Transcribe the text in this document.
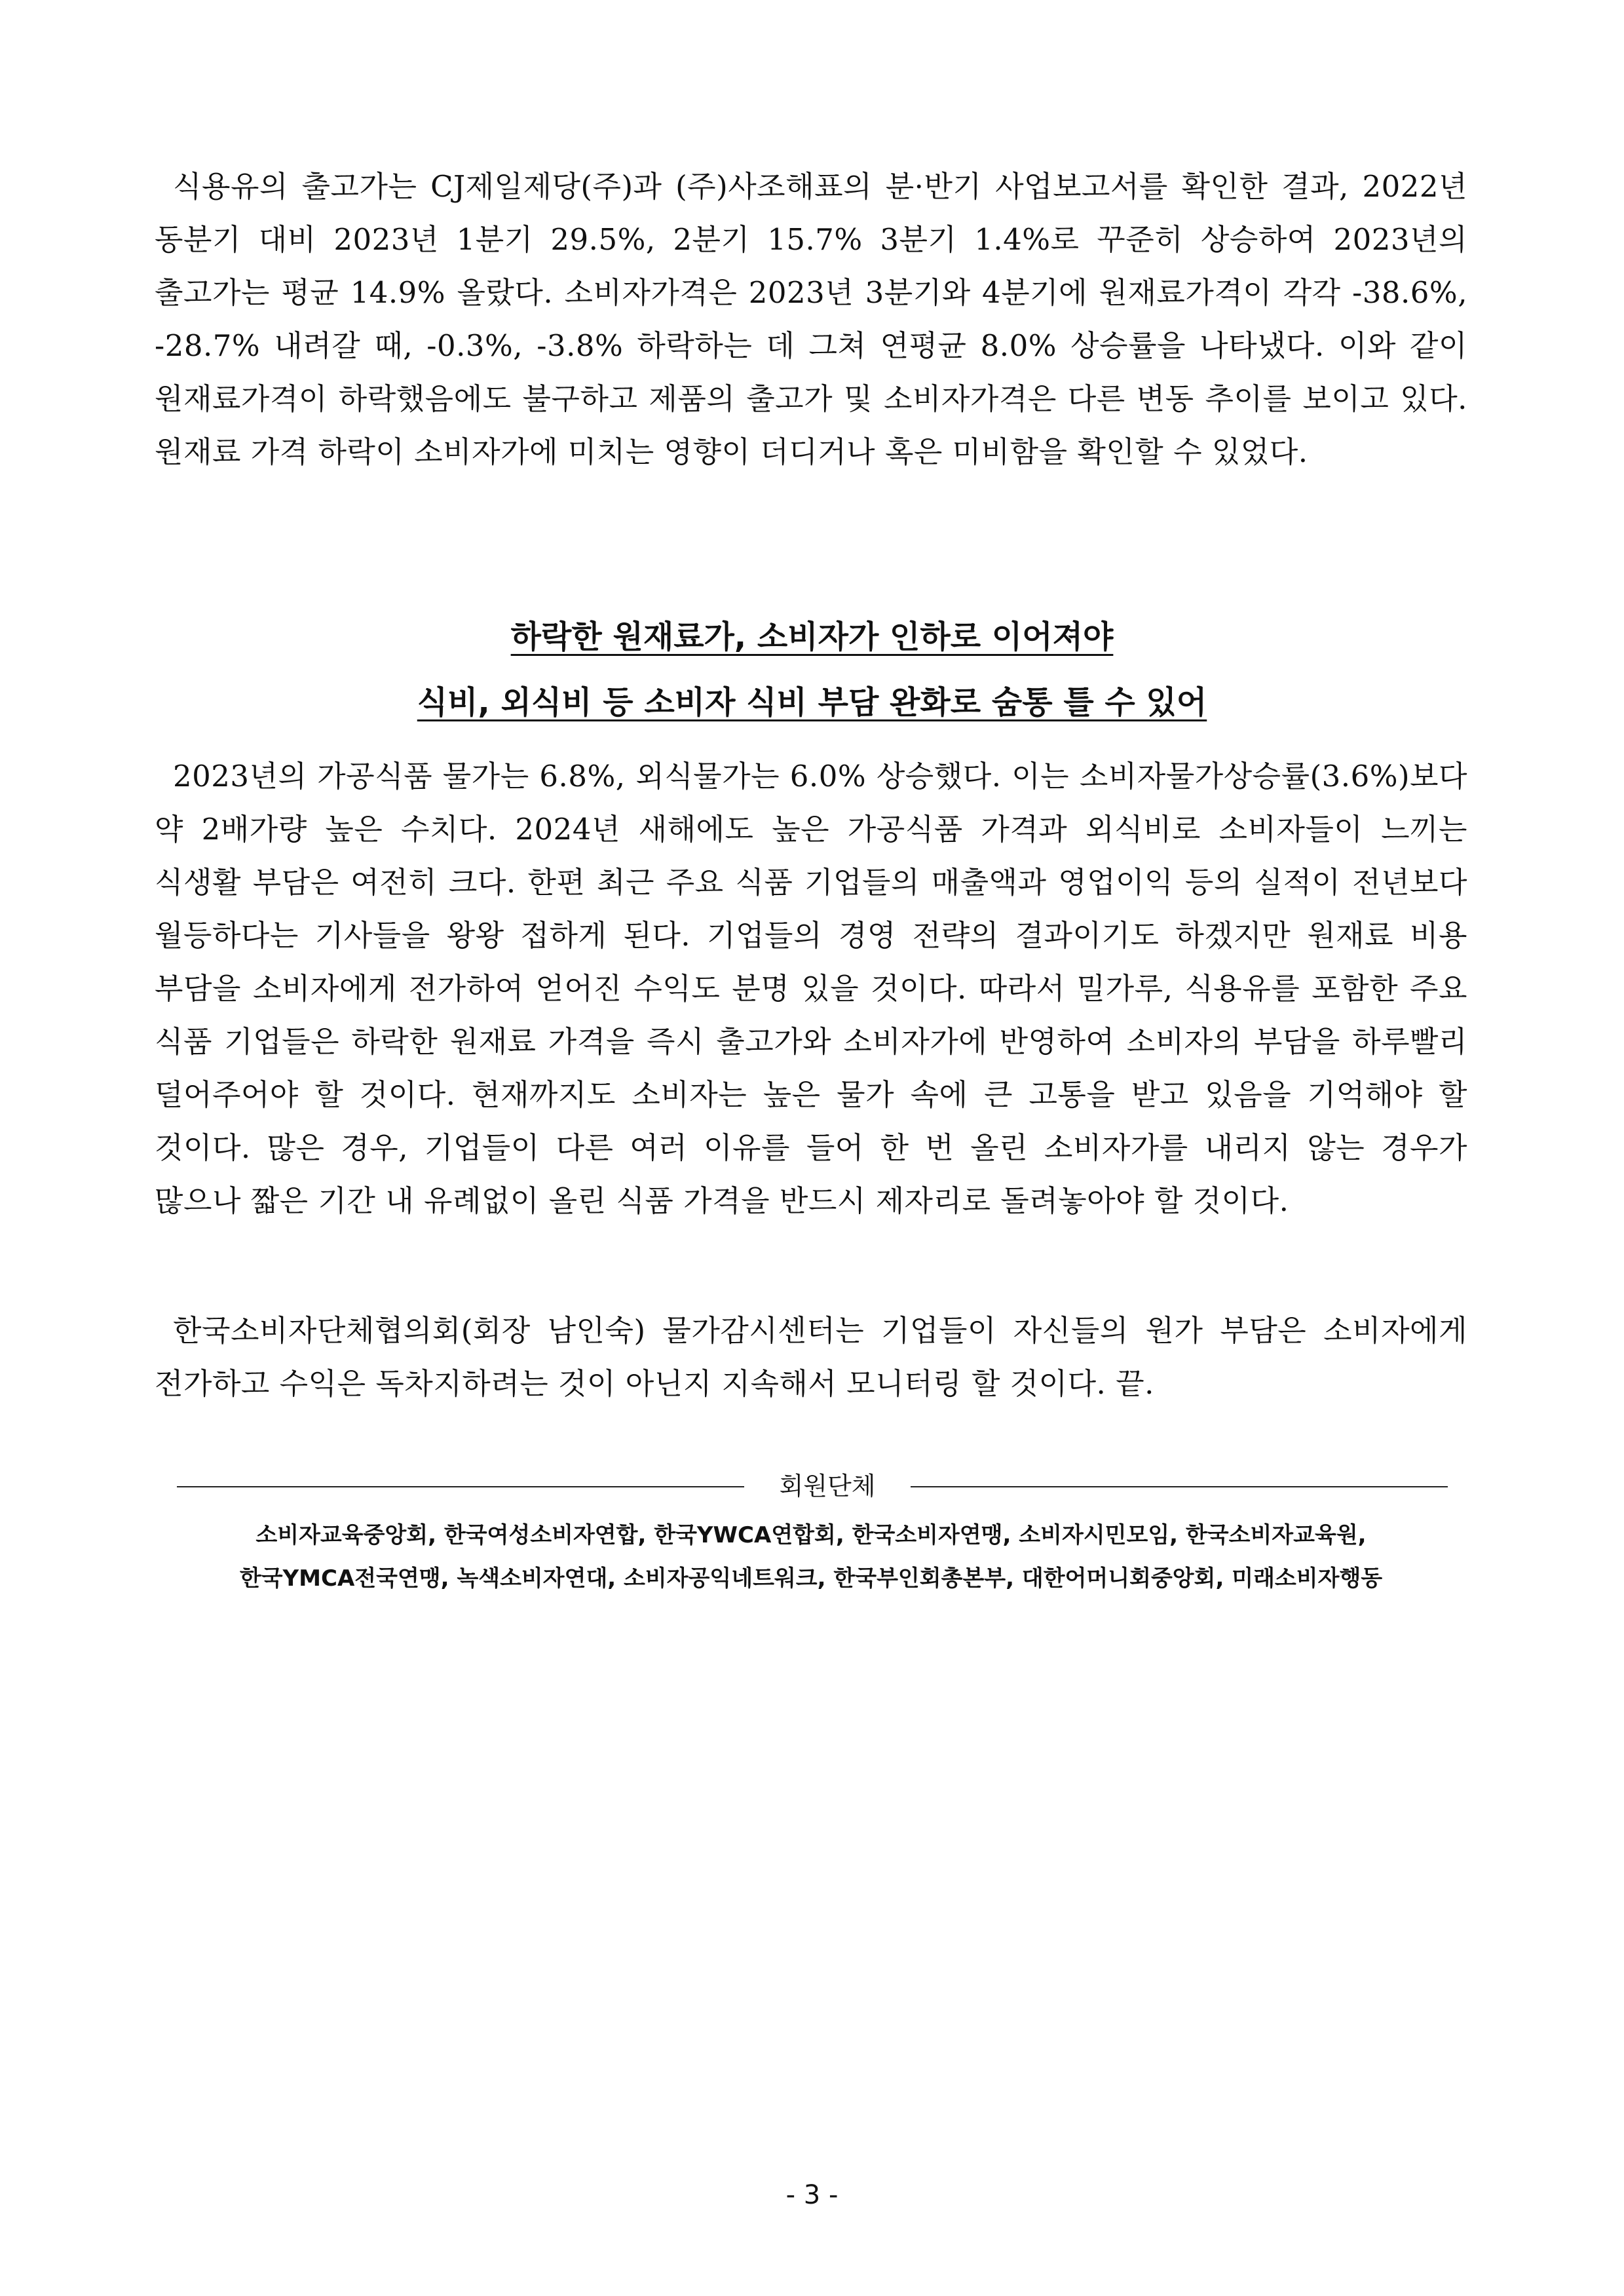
식용유의 출고가는 CJ제일제당(주)과 (주)사조해표의 분·반기 사업보고서를 확인한 결과, 2022년 동분기 대비 2023년 1분기 29.5%, 2분기 15.7% 3분기 1.4%로 꾸준히 상승하여 2023년의 출고가는 평균 14.9% 올랐다. 소비자가격은 2023년 3분기와 4분기에 원재료가격이 각각 -38.6%, -28.7% 내려갈 때, -0.3%, -3.8% 하락하는 데 그쳐 연평균 8.0% 상승률을 나타냈다. 이와 같이 원재료가격이 하락했음에도 불구하고 제품의 출고가 및 소비자가격은 다른 변동 추이를 보이고 있다. 원재료 가격 하락이 소비자가에 미치는 영향이 더디거나 혹은 미비함을 확인할 수 있었다.

하락한 원재료가, 소비자가 인하로 이어져야
식비, 외식비 등 소비자 식비 부담 완화로 숨통 틀 수 있어

2023년의 가공식품 물가는 6.8%, 외식물가는 6.0% 상승했다. 이는 소비자물가상승률(3.6%)보다 약 2배가량 높은 수치다. 2024년 새해에도 높은 가공식품 가격과 외식비로 소비자들이 느끼는 식생활 부담은 여전히 크다. 한편 최근 주요 식품 기업들의 매출액과 영업이익 등의 실적이 전년보다 월등하다는 기사들을 왕왕 접하게 된다. 기업들의 경영 전략의 결과이기도 하겠지만 원재료 비용 부담을 소비자에게 전가하여 얻어진 수익도 분명 있을 것이다. 따라서 밀가루, 식용유를 포함한 주요 식품 기업들은 하락한 원재료 가격을 즉시 출고가와 소비자가에 반영하여 소비자의 부담을 하루빨리 덜어주어야 할 것이다. 현재까지도 소비자는 높은 물가 속에 큰 고통을 받고 있음을 기억해야 할 것이다. 많은 경우, 기업들이 다른 여러 이유를 들어 한 번 올린 소비자가를 내리지 않는 경우가 많으나 짧은 기간 내 유례없이 올린 식품 가격을 반드시 제자리로 돌려놓아야 할 것이다.

한국소비자단체협의회(회장 남인숙) 물가감시센터는 기업들이 자신들의 원가 부담은 소비자에게 전가하고 수익은 독차지하려는 것이 아닌지 지속해서 모니터링 할 것이다. 끝.

회원단체
소비자교육중앙회, 한국여성소비자연합, 한국YWCA연합회, 한국소비자연맹, 소비자시민모임, 한국소비자교육원,
한국YMCA전국연맹, 녹색소비자연대, 소비자공익네트워크, 한국부인회총본부, 대한어머니회중앙회, 미래소비자행동
- 3 -
